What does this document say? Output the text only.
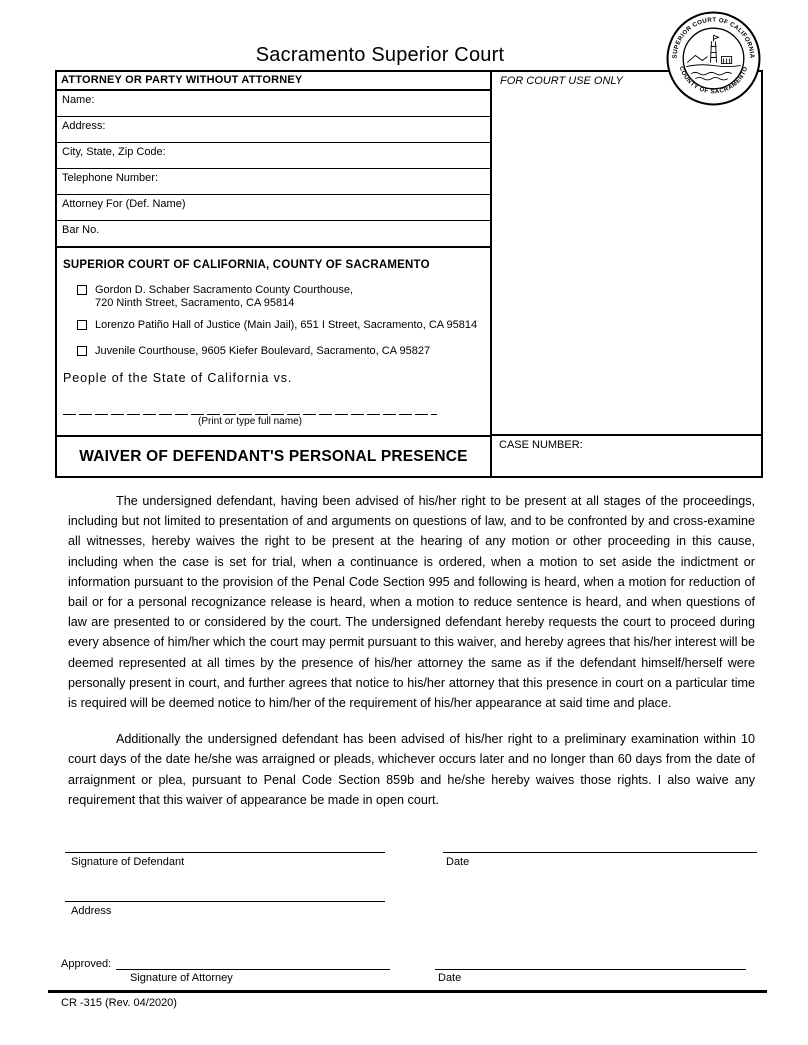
Sacramento Superior Court	SUPERIOR COURT OF CALIFORNIA
COUNTY OF SACRAMENTO
ATTORNEY OR PARTY WITHOUT ATTORNEY
Name:
Address:
City, State, Zip Code:
Telephone Number:
Attorney For (Def. Name)
Bar No.
SUPERIOR COURT OF CALIFORNIA, COUNTY OF SACRAMENTO
Gordon D. Schaber Sacramento County Courthouse,
720 Ninth Street, Sacramento, CA 95814
Lorenzo Patiño Hall of Justice (Main Jail), 651 I Street, Sacramento, CA 95814
Juvenile Courthouse, 9605 Kiefer Boulevard, Sacramento, CA 95827
People of the State of California vs.
(Print or type full name)
WAIVER OF DEFENDANT'S PERSONAL PRESENCE
FOR COURT USE ONLY
CASE NUMBER:

The undersigned defendant, having been advised of his/her right to be present at all stages of the proceedings, including but not limited to presentation of and arguments on questions of law, and to be confronted by and cross-examine all witnesses, hereby waives the right to be present at the hearing of any motion or other proceeding in this cause, including when the case is set for trial, when a continuance is ordered, when a motion to set aside the indictment or information pursuant to the provision of the Penal Code Section 995 and following is heard, when a motion for reduction of bail or for a personal recognizance release is heard, when a motion to reduce sentence is heard, and when questions of law are presented to or considered by the court. The undersigned defendant hereby requests the court to proceed during every absence of him/her which the court may permit pursuant to this waiver, and hereby agrees that his/her interest will be deemed represented at all times by the presence of his/her attorney the same as if the defendant himself/herself were personally present in court, and further agrees that notice to his/her attorney that this presence in court on a particular time is required will be deemed notice to him/her of the requirement of his/her appearance at said time and place.

Additionally the undersigned defendant has been advised of his/her right to a preliminary examination within 10 court days of the date he/she was arraigned or pleads, whichever occurs later and no longer than 60 days from the date of arraignment or plea, pursuant to Penal Code Section 859b and he/she hereby waives those rights. I also waive any requirement that this waiver of appearance be made in open court.

Signature of Defendant	Date
Address
Approved:
Signature of Attorney	Date
CR -315 (Rev. 04/2020)
